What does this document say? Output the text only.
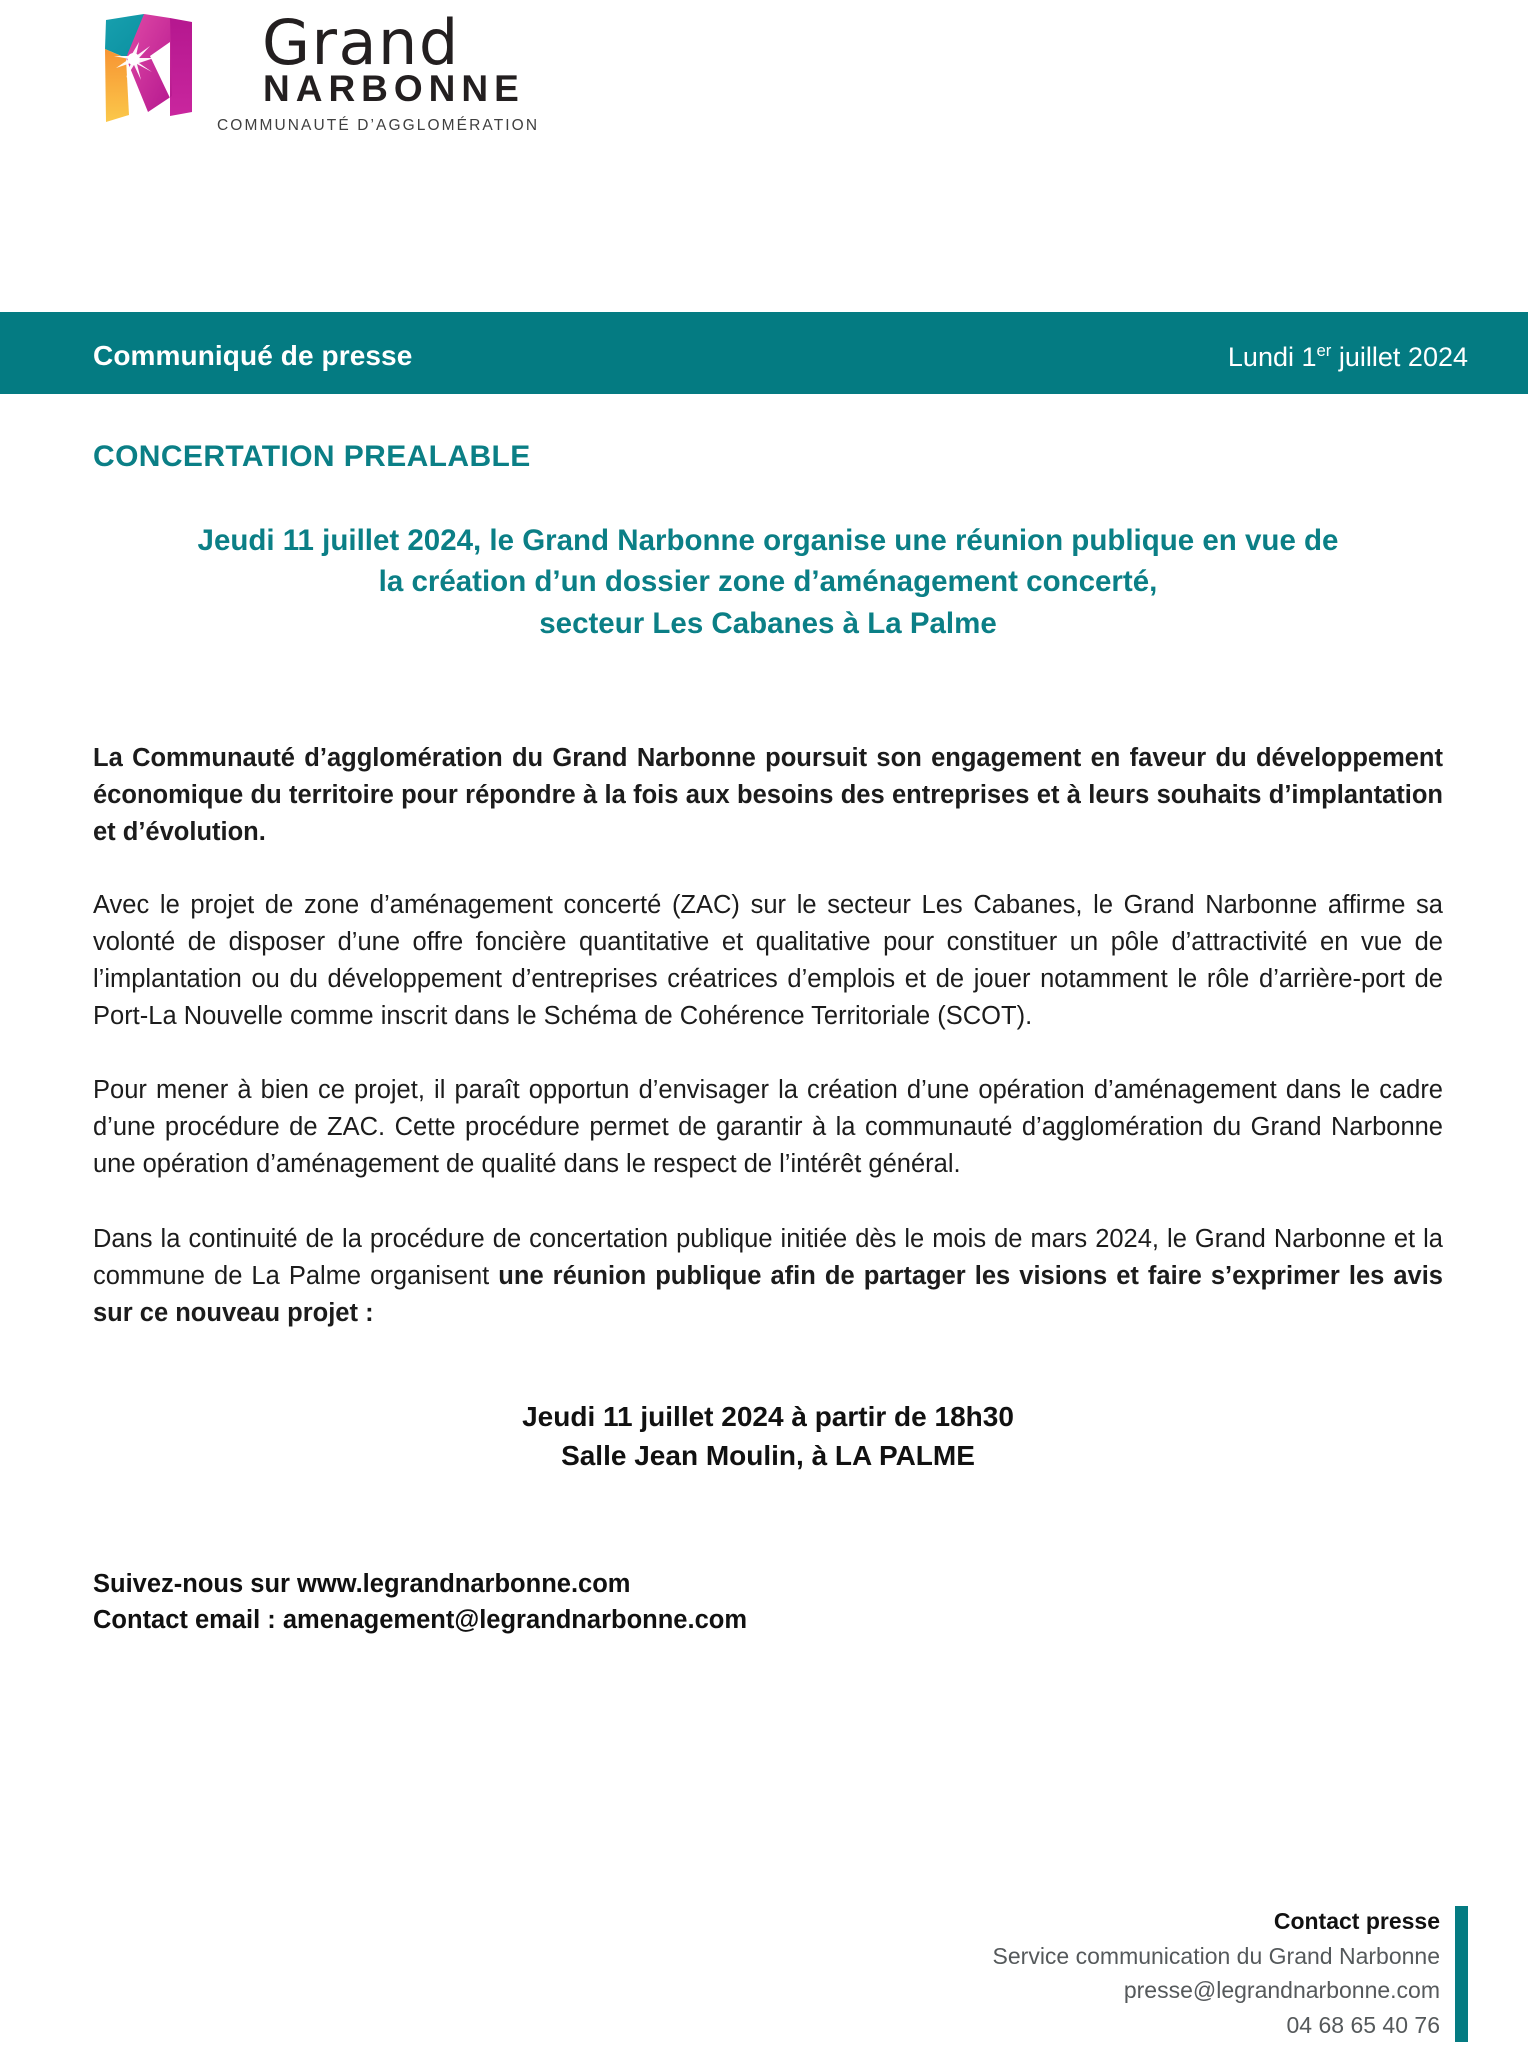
Grand
NARBONNE
COMMUNAUTÉ D’AGGLOMÉRATION
Communiqué de presse	Lundi 1er juillet 2024
CONCERTATION PREALABLE
Jeudi 11 juillet 2024, le Grand Narbonne organise une réunion publique en vue de
la création d’un dossier zone d’aménagement concerté,
secteur Les Cabanes à La Palme

La Communauté d’agglomération du Grand Narbonne poursuit son engagement en faveur du développement économique du territoire pour répondre à la fois aux besoins des entreprises et à leurs souhaits d’implantation et d’évolution.

Avec le projet de zone d’aménagement concerté (ZAC) sur le secteur Les Cabanes, le Grand Narbonne affirme sa volonté de disposer d’une offre foncière quantitative et qualitative pour constituer un pôle d’attractivité en vue de l’implantation ou du développement d’entreprises créatrices d’emplois et de jouer notamment le rôle d’arrière-port de Port-La Nouvelle comme inscrit dans le Schéma de Cohérence Territoriale (SCOT).

Pour mener à bien ce projet, il paraît opportun d’envisager la création d’une opération d’aménagement dans le cadre d’une procédure de ZAC. Cette procédure permet de garantir à la communauté d’agglomération du Grand Narbonne une opération d’aménagement de qualité dans le respect de l’intérêt général.

Dans la continuité de la procédure de concertation publique initiée dès le mois de mars 2024, le Grand Narbonne et la commune de La Palme organisent une réunion publique afin de partager les visions et faire s’exprimer les avis sur ce nouveau projet :

Jeudi 11 juillet 2024 à partir de 18h30
Salle Jean Moulin, à LA PALME
Suivez-nous sur www.legrandnarbonne.com
Contact email : amenagement@legrandnarbonne.com
Contact presse
Service communication du Grand Narbonne
presse@legrandnarbonne.com
04 68 65 40 76
